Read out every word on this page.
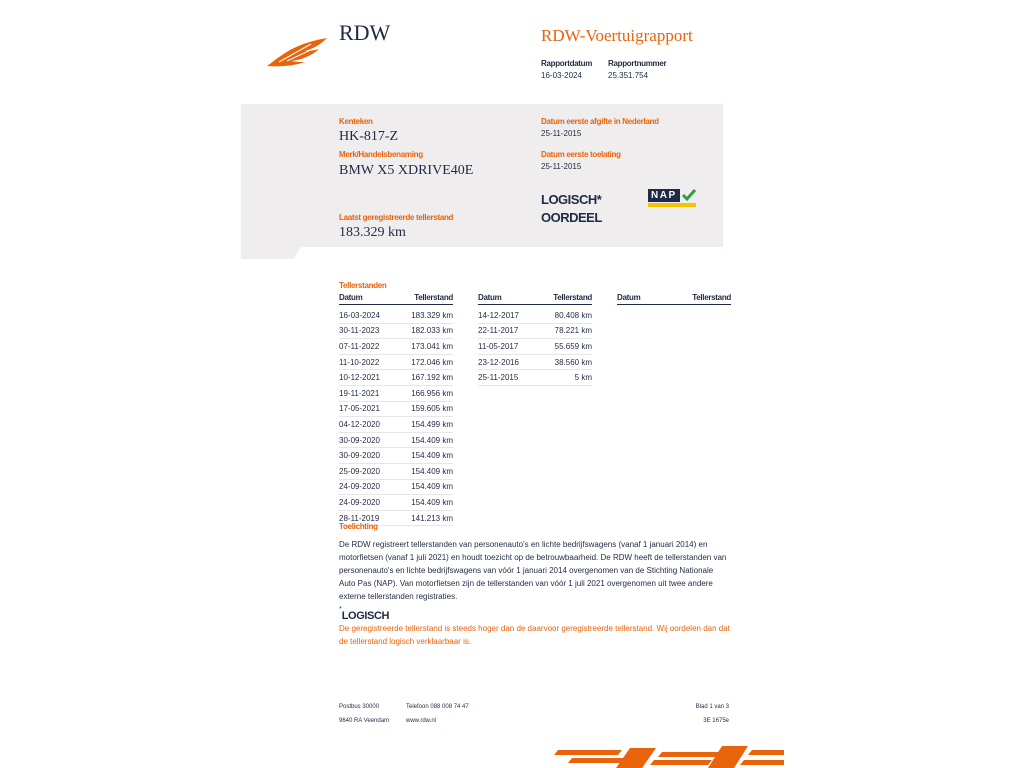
RDW	RDW-Voertuigrapport
Rapportdatum
16-03-2024
Rapportnummer
25.351.754
Kenteken
HK-817-Z
Merk/Handelsbenaming
BMW X5 XDRIVE40E
Laatst geregistreerde tellerstand
183.329 km
Datum eerste afgifte in Nederland
25-11-2015
Datum eerste toelating
25-11-2015
LOGISCH*
OORDEEL
NAP
Tellerstanden
Datum	Tellerstand
16-03-2024	183.329 km
30-11-2023	182.033 km
07-11-2022	173.041 km
11-10-2022	172.046 km
10-12-2021	167.192 km
19-11-2021	166.956 km
17-05-2021	159.605 km
04-12-2020	154.499 km
30-09-2020	154.409 km
30-09-2020	154.409 km
25-09-2020	154.409 km
24-09-2020	154.409 km
24-09-2020	154.409 km
28-11-2019	141.213 km
Datum	Tellerstand
14-12-2017	80.408 km
22-11-2017	78.221 km
11-05-2017	55.659 km
23-12-2016	38.560 km
25-11-2015	5 km
Datum	Tellerstand
Toelichting
De RDW registreert tellerstanden van personenauto's en lichte bedrijfswagens (vanaf 1 januari 2014) en motorfietsen (vanaf 1 juli 2021) en houdt toezicht op de betrouwbaarheid. De RDW heeft de tellerstanden van personenauto's en lichte bedrijfswagens van vóór 1 januari 2014 overgenomen van de Stichting Nationale Auto Pas (NAP). Van motorfietsen zijn de tellerstanden van vóór 1 juli 2021 overgenomen uit twee andere externe tellerstanden registraties.
*LOGISCH
De geregistreerde tellerstand is steeds hoger dan de daarvoor geregistreerde tellerstand. Wij oordelen dan dat de tellerstand logisch verklaarbaar is.
Postbus 30000
9640 RA Veendam
Telefoon 088 008 74 47
www.rdw.nl
Blad 1 van 3
3E 1675e
